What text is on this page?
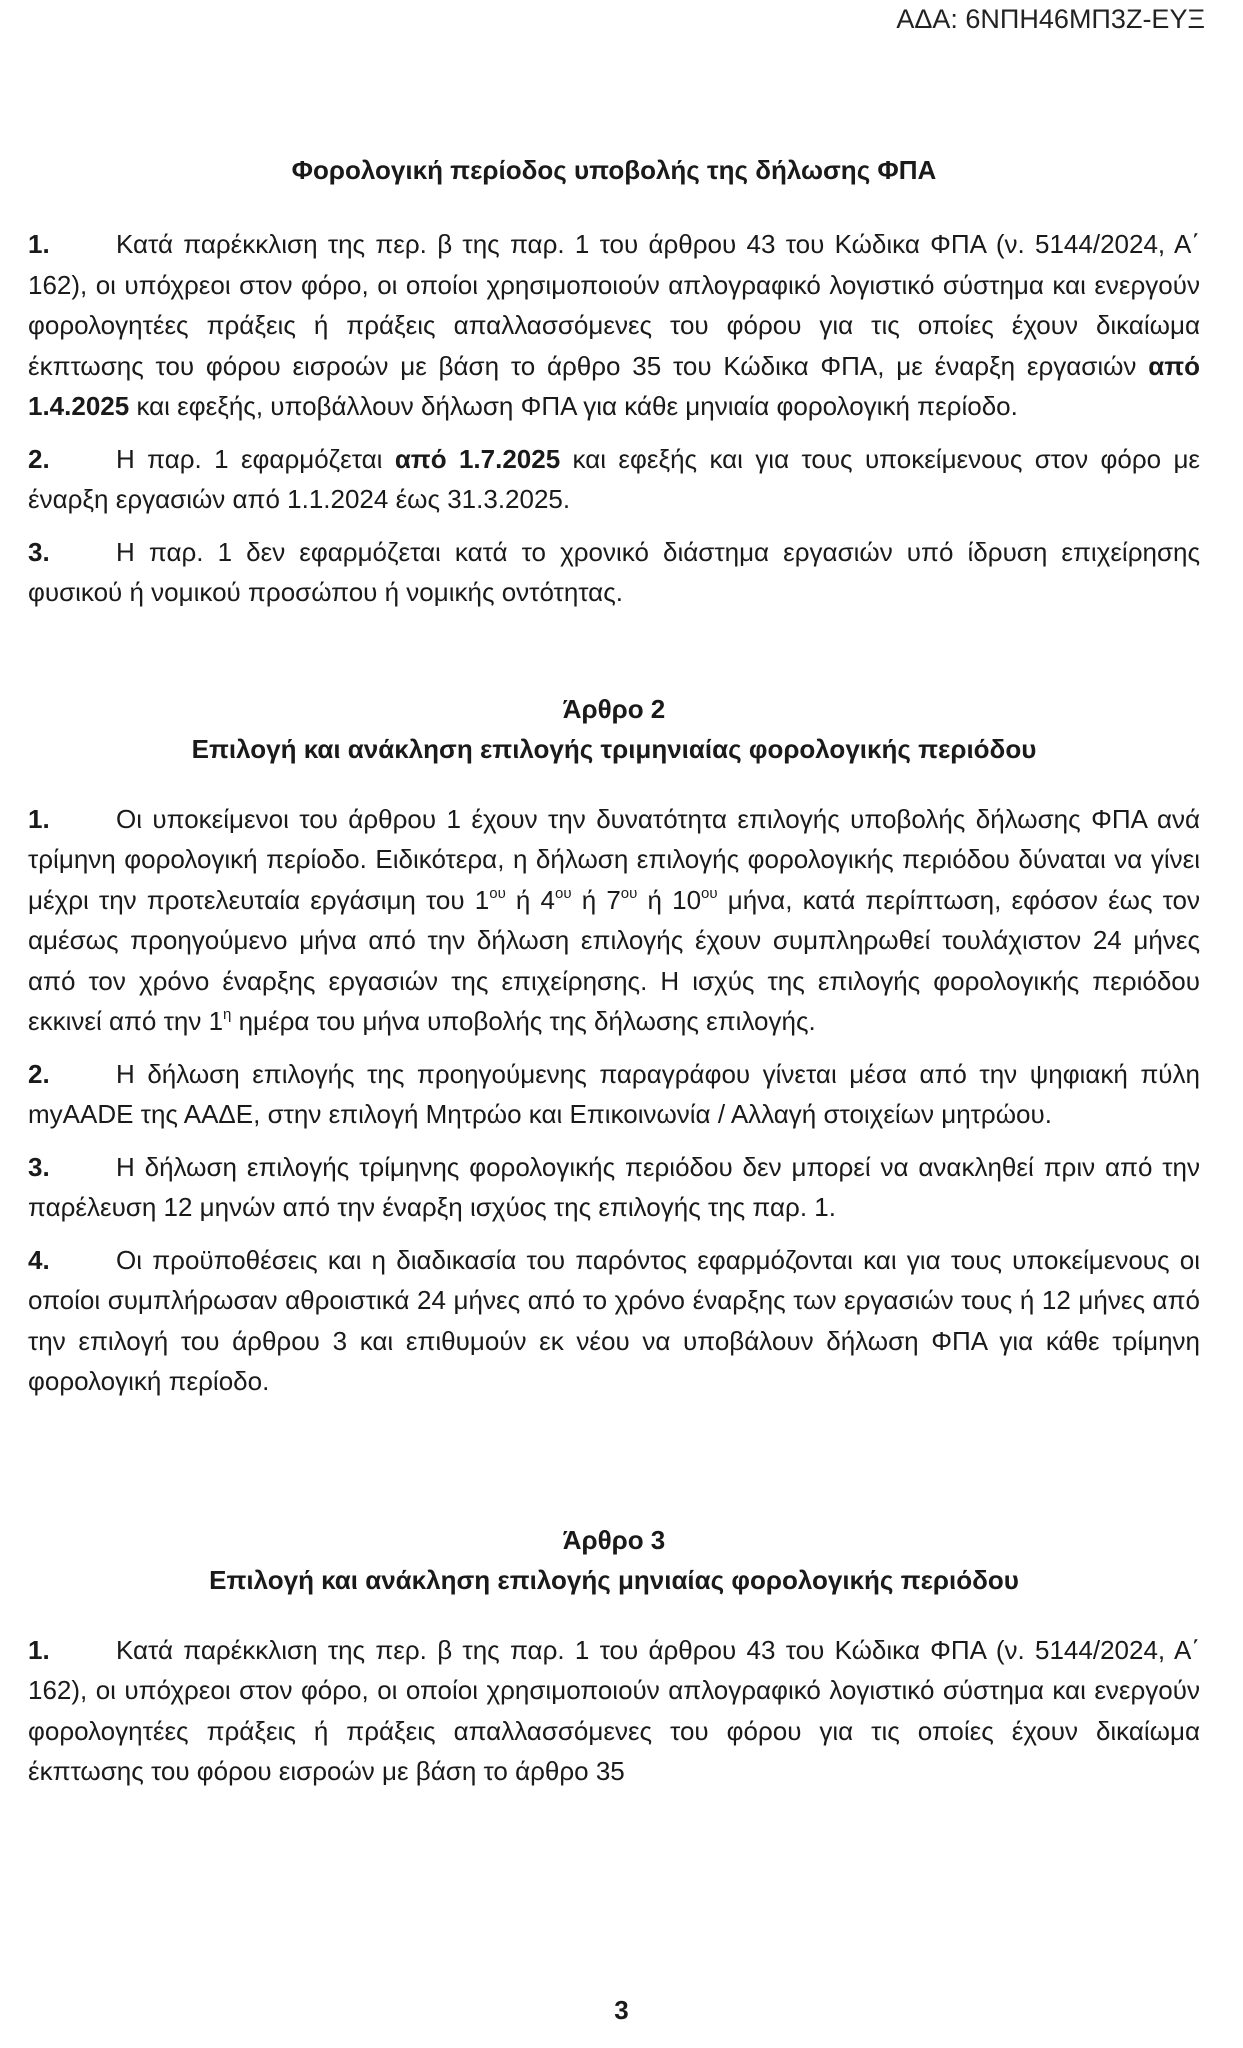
ΑΔΑ: 6ΝΠΗ46ΜΠ3Ζ-ΕΥΞ
Φορολογική περίοδος υποβολής της δήλωσης ΦΠΑ

1.	Κατά παρέκκλιση της περ. β της παρ. 1 του άρθρου 43 του Κώδικα ΦΠΑ (ν. 5144/2024, Α΄ 162), οι υπόχρεοι στον φόρο, οι οποίοι χρησιμοποιούν απλογραφικό λογιστικό σύστημα και ενεργούν φορολογητέες πράξεις ή πράξεις απαλλασσόμενες του φόρου για τις οποίες έχουν δικαίωμα έκπτωσης του φόρου εισροών με βάση το άρθρο 35 του Κώδικα ΦΠΑ, με έναρξη εργασιών από 1.4.2025 και εφεξής, υποβάλλουν δήλωση ΦΠΑ για κάθε μηνιαία φορολογική περίοδο.

2.	Η παρ. 1 εφαρμόζεται από 1.7.2025 και εφεξής και για τους υποκείμενους στον φόρο με έναρξη εργασιών από 1.1.2024 έως 31.3.2025.

3.	Η παρ. 1 δεν εφαρμόζεται κατά το χρονικό διάστημα εργασιών υπό ίδρυση επιχείρησης φυσικού ή νομικού προσώπου ή νομικής οντότητας.

Άρθρο 2
Επιλογή και ανάκληση επιλογής τριμηνιαίας φορολογικής περιόδου

1.	Οι υποκείμενοι του άρθρου 1 έχουν την δυνατότητα επιλογής υποβολής δήλωσης ΦΠΑ ανά τρίμηνη φορολογική περίοδο. Ειδικότερα, η δήλωση επιλογής φορολογικής περιόδου δύναται να γίνει μέχρι την προτελευταία εργάσιμη του $1^{o\upsilon}$ ή $4^{o\upsilon}$ ή $7^{o\upsilon}$ ή $10^{o\upsilon}$ μήνα, κατά περίπτωση, εφόσον έως τον αμέσως προηγούμενο μήνα από την δήλωση επιλογής έχουν συμπληρωθεί τουλάχιστον 24 μήνες από τον χρόνο έναρξης εργασιών της επιχείρησης. Η ισχύς της επιλογής φορολογικής περιόδου εκκινεί από την $1^\eta$ ημέρα του μήνα υποβολής της δήλωσης επιλογής.

2.	Η δήλωση επιλογής της προηγούμενης παραγράφου γίνεται μέσα από την ψηφιακή πύλη myAADE της ΑΑΔΕ, στην επιλογή Μητρώο και Επικοινωνία / Αλλαγή στοιχείων μητρώου.

3.	Η δήλωση επιλογής τρίμηνης φορολογικής περιόδου δεν μπορεί να ανακληθεί πριν από την παρέλευση 12 μηνών από την έναρξη ισχύος της επιλογής της παρ. 1.

4.	Οι προϋποθέσεις και η διαδικασία του παρόντος εφαρμόζονται και για τους υποκείμενους οι οποίοι συμπλήρωσαν αθροιστικά 24 μήνες από το χρόνο έναρξης των εργασιών τους ή 12 μήνες από την επιλογή του άρθρου 3 και επιθυμούν εκ νέου να υποβάλουν δήλωση ΦΠΑ για κάθε τρίμηνη φορολογική περίοδο.

Άρθρο 3
Επιλογή και ανάκληση επιλογής μηνιαίας φορολογικής περιόδου

1.	Κατά παρέκκλιση της περ. β της παρ. 1 του άρθρου 43 του Κώδικα ΦΠΑ (ν. 5144/2024, Α΄ 162), οι υπόχρεοι στον φόρο, οι οποίοι χρησιμοποιούν απλογραφικό λογιστικό σύστημα και ενεργούν φορολογητέες πράξεις ή πράξεις απαλλασσόμενες του φόρου για τις οποίες έχουν δικαίωμα έκπτωσης του φόρου εισροών με βάση το άρθρο 35

3
